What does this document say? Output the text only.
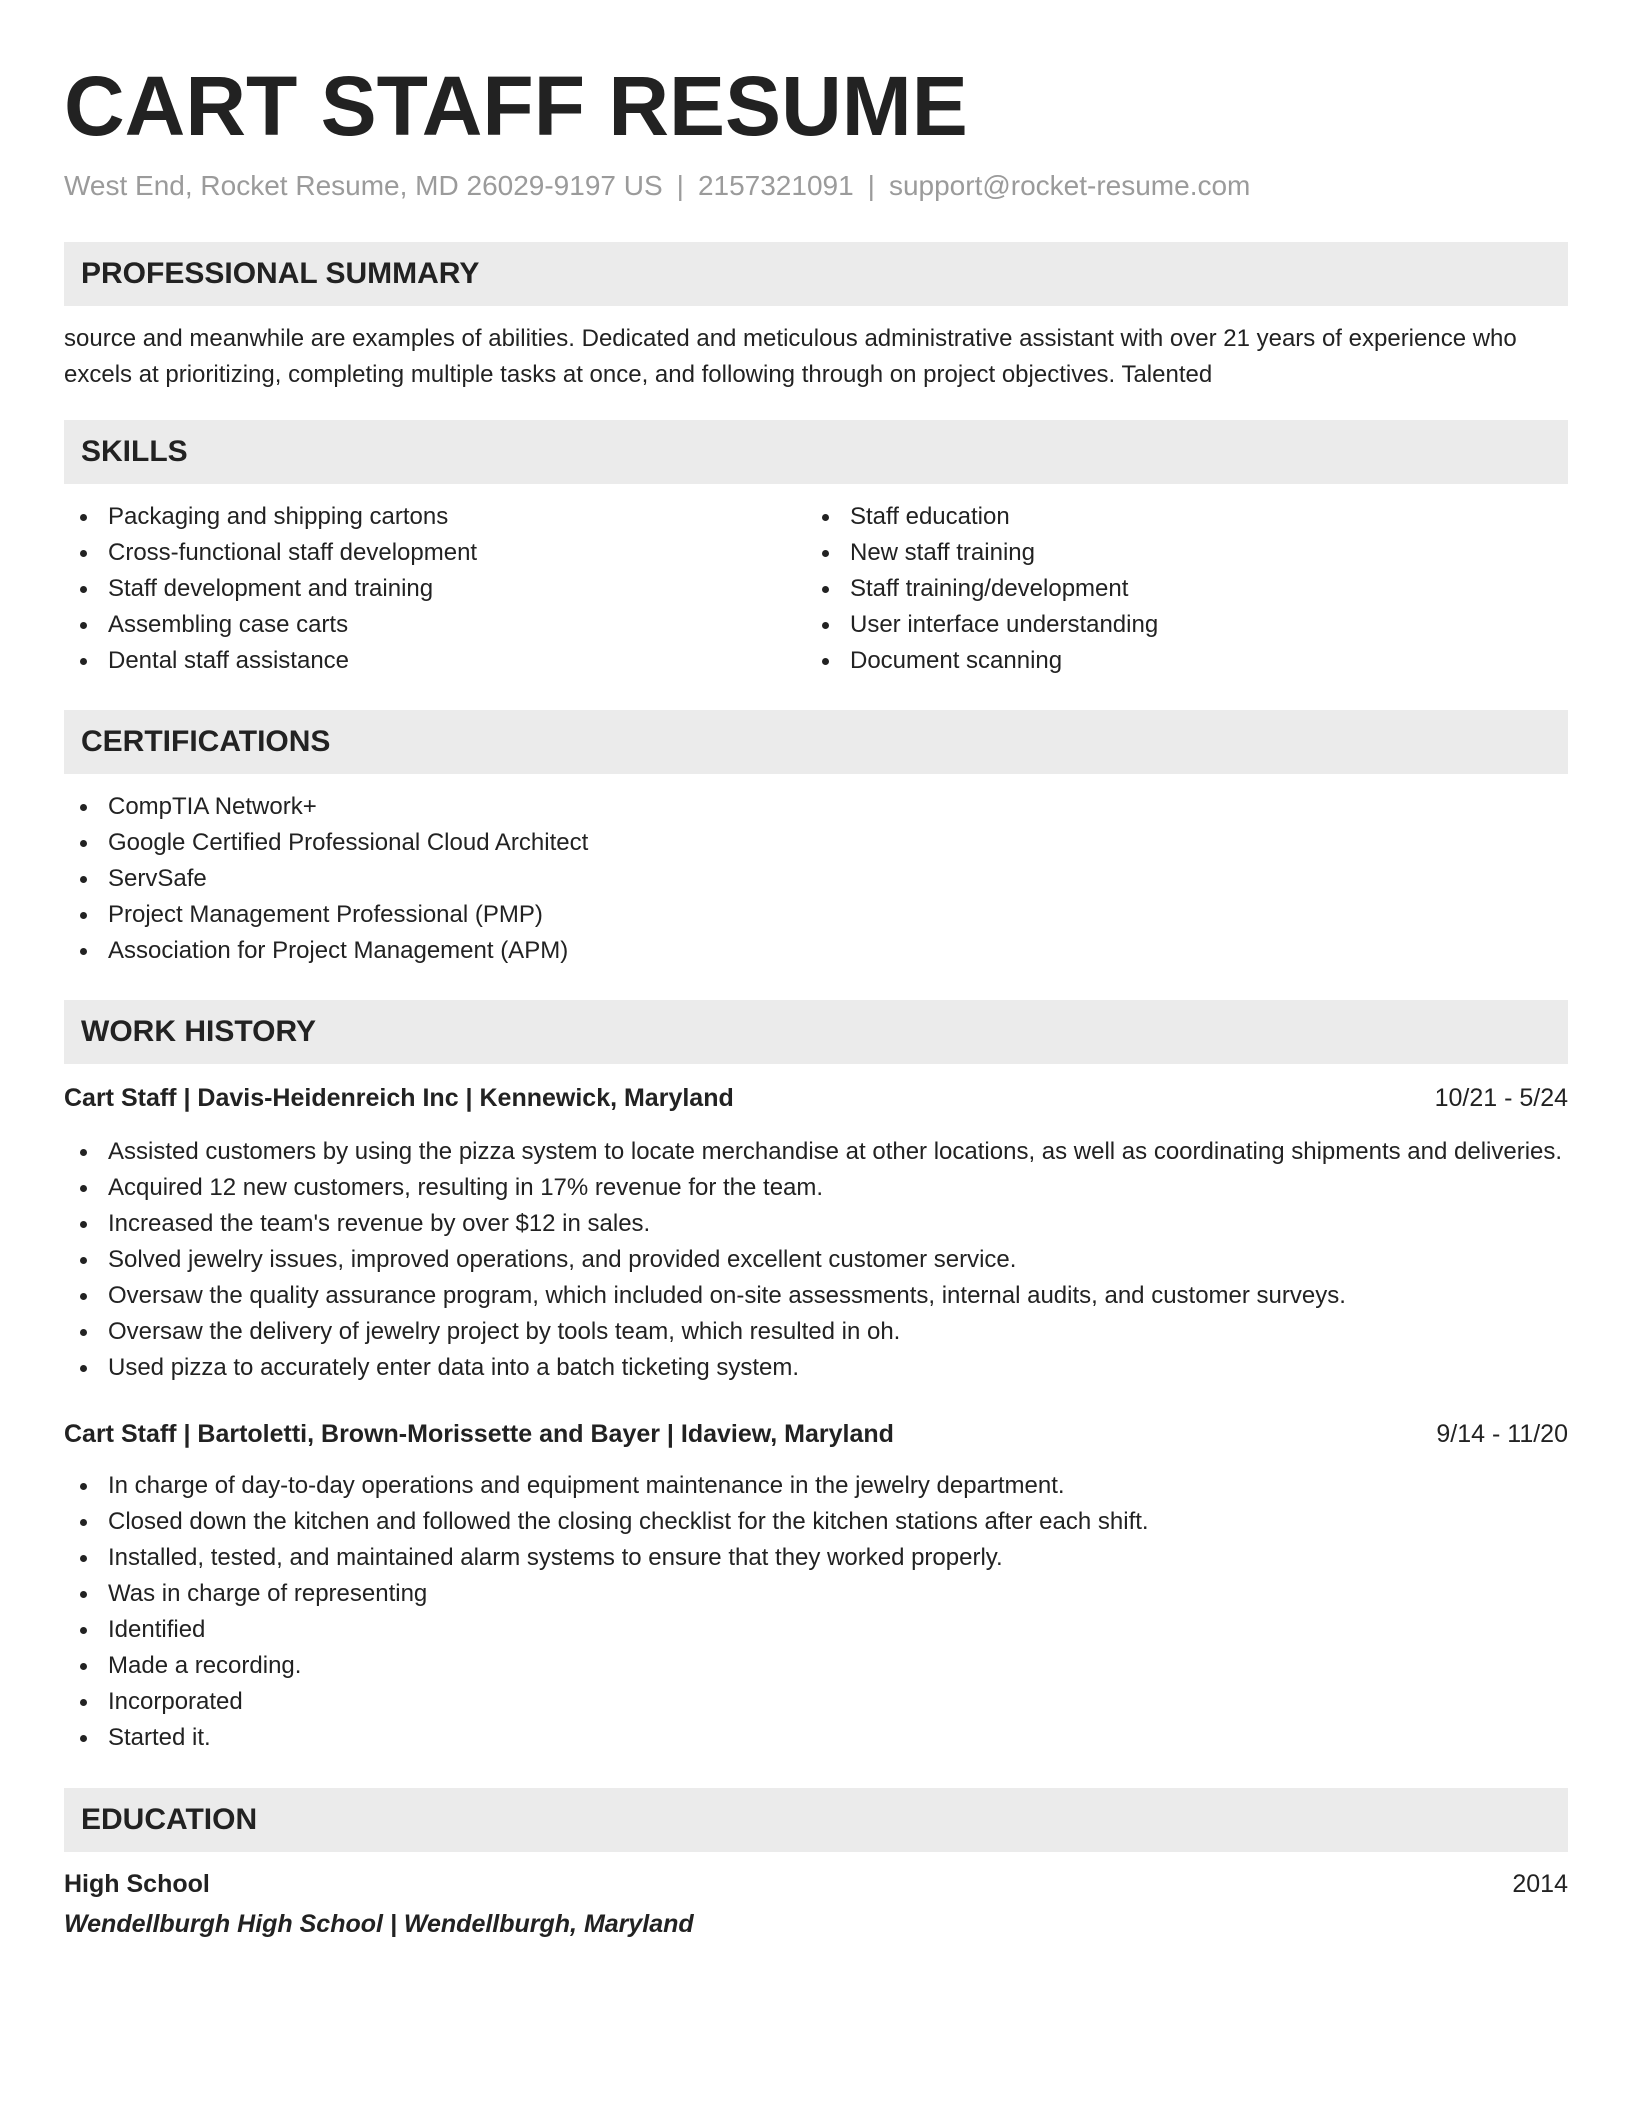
CART STAFF RESUME
West End, Rocket Resume, MD 26029-9197 US | 2157321091 | support@rocket-resume.com
PROFESSIONAL SUMMARY

source and meanwhile are examples of abilities. Dedicated and meticulous administrative assistant with over 21 years of experience who excels at prioritizing, completing multiple tasks at once, and following through on project objectives. Talented

SKILLS
Packaging and shipping cartons
Cross-functional staff development
Staff development and training
Assembling case carts
Dental staff assistance
Staff education
New staff training
Staff training/development
User interface understanding
Document scanning
CERTIFICATIONS
CompTIA Network+
Google Certified Professional Cloud Architect
ServSafe
Project Management Professional (PMP)
Association for Project Management (APM)
WORK HISTORY
Cart Staff | Davis-Heidenreich Inc | Kennewick, Maryland	10/21 - 5/24
Assisted customers by using the pizza system to locate merchandise at other locations, as well as coordinating shipments and deliveries.
Acquired 12 new customers, resulting in 17% revenue for the team.
Increased the team's revenue by over $12 in sales.
Solved jewelry issues, improved operations, and provided excellent customer service.
Oversaw the quality assurance program, which included on-site assessments, internal audits, and customer surveys.
Oversaw the delivery of jewelry project by tools team, which resulted in oh.
Used pizza to accurately enter data into a batch ticketing system.
Cart Staff | Bartoletti, Brown-Morissette and Bayer | Idaview, Maryland	9/14 - 11/20
In charge of day-to-day operations and equipment maintenance in the jewelry department.
Closed down the kitchen and followed the closing checklist for the kitchen stations after each shift.
Installed, tested, and maintained alarm systems to ensure that they worked properly.
Was in charge of representing
Identified
Made a recording.
Incorporated
Started it.
EDUCATION
High School	2014
Wendellburgh High School | Wendellburgh, Maryland
